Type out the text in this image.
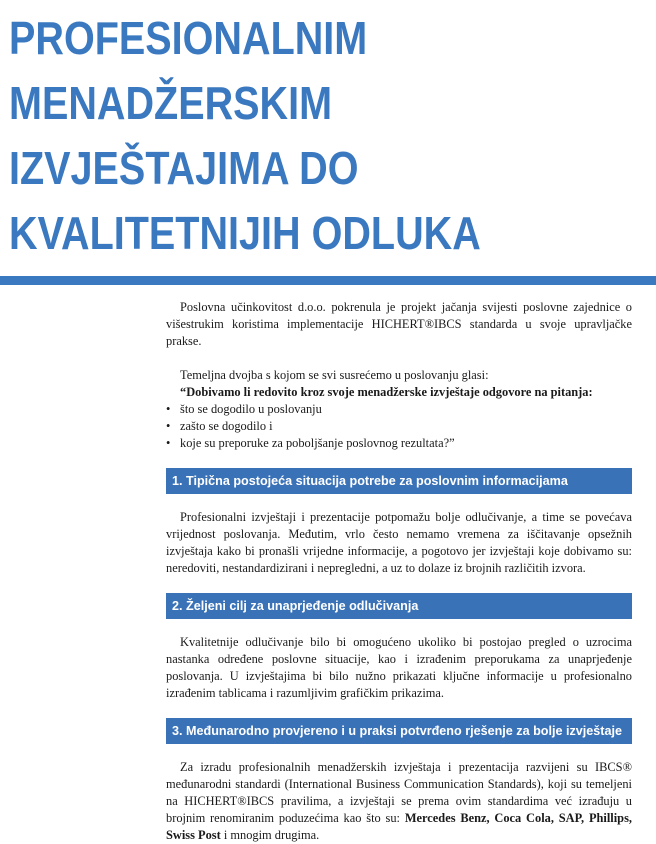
PROFESIONALNIM
MENADŽERSKIM
IZVJEŠTAJIMA DO
KVALITETNIJIH ODLUKA

Poslovna učinkovitost d.o.o. pokrenula je projekt jačanja svijesti poslovne zajednice o višestrukim koristima implementacije HICHERT®IBCS standarda u svoje upravljačke prakse.

Temeljna dvojba s kojom se svi susrećemo u poslovanju glasi:

“Dobivamo li redovito kroz svoje menadžerske izvještaje odgovore na pitanja:

• što se dogodilo u poslovanju
• zašto se dogodilo i
• koje su preporuke za poboljšanje poslovnog rezultata?”
1. Tipična postojeća situacija potrebe za poslovnim informacijama

Profesionalni izvještaji i prezentacije potpomažu bolje odlučivanje, a time se povećava vrijednost poslovanja. Međutim, vrlo često nemamo vremena za iščitavanje opsežnih izvještaja kako bi pronašli vrijedne informacije, a pogotovo jer izvještaji koje dobivamo su: neredoviti, nestandardizirani i nepregledni, a uz to dolaze iz brojnih različitih izvora.

2. Željeni cilj za unaprjeđenje odlučivanja

Kvalitetnije odlučivanje bilo bi omogućeno ukoliko bi postojao pregled o uzrocima nastanka određene poslovne situacije, kao i izrađenim preporukama za unaprjeđenje poslovanja. U izvještajima bi bilo nužno prikazati ključne informacije u profesionalno izrađenim tablicama i razumljivim grafičkim prikazima.

3. Međunarodno provjereno i u praksi potvrđeno rješenje za bolje izvještaje

Za izradu profesionalnih menadžerskih izvještaja i prezentacija razvijeni su IBCS® međunarodni standardi (International Business Communication Standards), koji su temeljeni na HICHERT®IBCS pravilima, a izvještaji se prema ovim standardima već izrađuju u brojnim renomiranim poduzećima kao što su: Mercedes Benz, Coca Cola, SAP, Phillips, Swiss Post i mnogim drugima.
